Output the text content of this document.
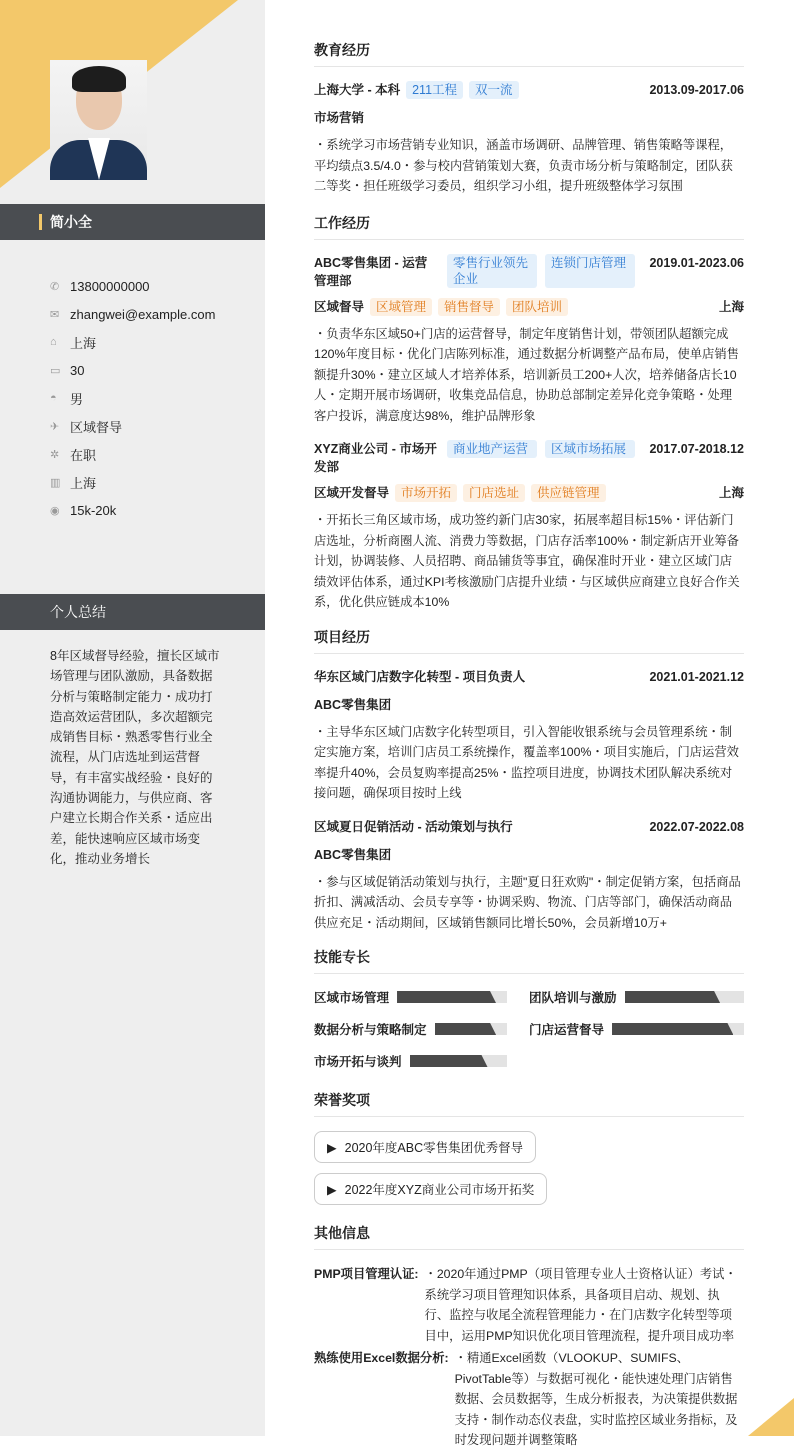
简小全
✆ 13800000000
✉ zhangwei@example.com
⌂	上海
▭ 30
◓	男
✈ 区域督导
✲ 在职
▥ 上海
◉ 15k-20k
个人总结
8年区域督导经验，擅长区域市场管理与团队激励，具备数据分析与策略制定能力・成功打造高效运营团队，多次超额完成销售目标・熟悉零售行业全流程，从门店选址到运营督导，有丰富实战经验・良好的沟通协调能力，与供应商、客户建立长期合作关系・适应出差，能快速响应区域市场变化，推动业务增长
教育经历
上海大学 - 本科 211工程 双一流	2013.09-2017.06
市场营销
・系统学习市场营销专业知识，涵盖市场调研、品牌管理、销售策略等课程，平均绩点3.5/4.0・参与校内营销策划大赛，负责市场分析与策略制定，团队获二等奖・担任班级学习委员，组织学习小组，提升班级整体学习氛围
工作经历
ABC零售集团 - 运营管理部
零售行业领先企业
连锁门店管理	2019.01-2023.06
区域督导 区域管理 销售督导 团队培训	上海
・负责华东区域50+门店的运营督导，制定年度销售计划，带领团队超额完成120%年度目标・优化门店陈列标准，通过数据分析调整产品布局，使单店销售额提升30%・建立区域人才培养体系，培训新员工200+人次，培养储备店长10人・定期开展市场调研，收集竞品信息，协助总部制定差异化竞争策略・处理客户投诉，满意度达98%，维护品牌形象
XYZ商业公司 - 市场开发部
商业地产运营	区域市场拓展	2017.07-2018.12
区域开发督导 市场开拓 门店选址 供应链管理	上海
・开拓长三角区域市场，成功签约新门店30家，拓展率超目标15%・评估新门店选址，分析商圈人流、消费力等数据，门店存活率100%・制定新店开业筹备计划，协调装修、人员招聘、商品铺货等事宜，确保准时开业・建立区域门店绩效评估体系，通过KPI考核激励门店提升业绩・与区域供应商建立良好合作关系，优化供应链成本10%
项目经历
华东区域门店数字化转型 - 项目负责人	2021.01-2021.12
ABC零售集团
・主导华东区域门店数字化转型项目，引入智能收银系统与会员管理系统・制定实施方案，培训门店员工系统操作，覆盖率100%・项目实施后，门店运营效率提升40%，会员复购率提高25%・监控项目进度，协调技术团队解决系统对接问题，确保项目按时上线
区域夏日促销活动 - 活动策划与执行	2022.07-2022.08
ABC零售集团
・参与区域促销活动策划与执行，主题"夏日狂欢购"・制定促销方案，包括商品折扣、满减活动、会员专享等・协调采购、物流、门店等部门，确保活动商品供应充足・活动期间，区域销售额同比增长50%，会员新增10万+
技能专长
区域市场管理	团队培训与激励
数据分析与策略制定	门店运营督导
市场开拓与谈判
荣誉奖项
▶ 2020年度ABC零售集团优秀督导
▶ 2022年度XYZ商业公司市场开拓奖
其他信息
PMP项目管理认证: ・2020年通过PMP（项目管理专业人士资格认证）考试・系统学习项目管理知识体系，具备项目启动、规划、执行、监控与收尾全流程管理能力・在门店数字化转型等项目中，运用PMP知识优化项目管理流程，提升项目成功率
熟练使用Excel数据分析: ・精通Excel函数（VLOOKUP、SUMIFS、PivotTable等）与数据可视化・能快速处理门店销售数据、会员数据等，生成分析报表，为决策提供数据支持・制作动态仪表盘，实时监控区域业务指标，及时发现问题并调整策略
